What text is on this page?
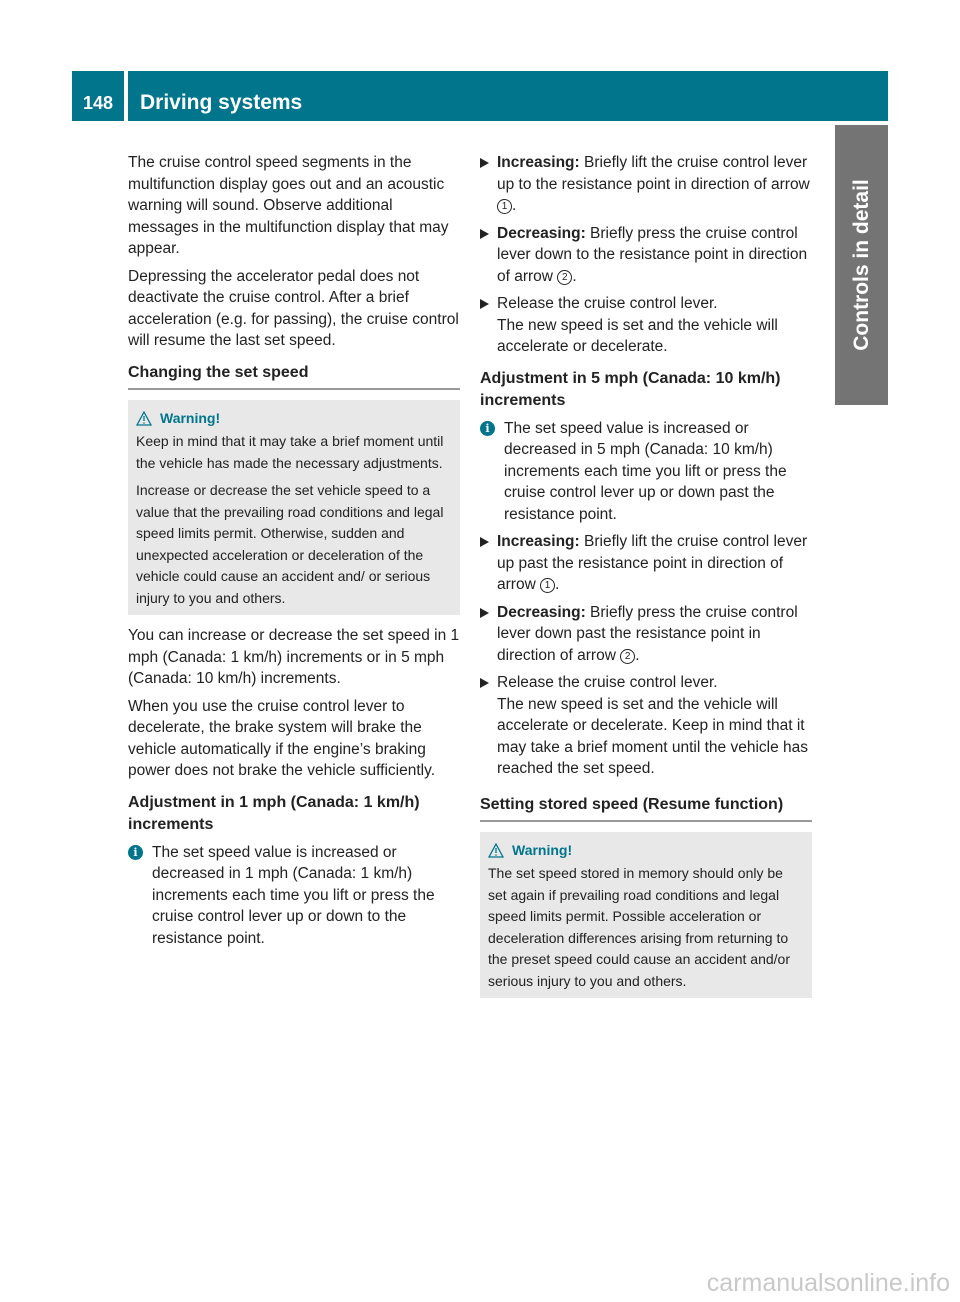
148	Driving systems
Controls in detail

The cruise control speed segments in the multifunction display goes out and an acoustic warning will sound. Observe additional messages in the multifunction display that may appear.

Depressing the accelerator pedal does not deactivate the cruise control. After a brief acceleration (e.g. for passing), the cruise control will resume the last set speed.

Changing the set speed
Warning!

Keep in mind that it may take a brief moment until the vehicle has made the necessary adjustments.

Increase or decrease the set vehicle speed to a value that the prevailing road conditions and legal speed limits permit. Otherwise, sudden and unexpected acceleration or deceleration of the vehicle could cause an accident and/ or serious injury to you and others.

You can increase or decrease the set speed in 1 mph (Canada: 1 km/h) increments or in 5 mph (Canada: 10 km/h) increments.

When you use the cruise control lever to decelerate, the brake system will brake the vehicle automatically if the engine’s braking power does not brake the vehicle sufficiently.

Adjustment in 1 mph (Canada: 1 km/h) increments
i The set speed value is increased or decreased in 1 mph (Canada: 1 km/h) increments each time you lift or press the cruise control lever up or down to the resistance point.
Increasing: Briefly lift the cruise control lever up to the resistance point in direction of arrow 1 .
Decreasing: Briefly press the cruise control lever down to the resistance point in direction of arrow 2 .
Release the cruise control lever.
The new speed is set and the vehicle will accelerate or decelerate.
Adjustment in 5 mph (Canada: 10 km/h) increments
i The set speed value is increased or decreased in 5 mph (Canada: 10 km/h) increments each time you lift or press the cruise control lever up or down past the resistance point.
Increasing: Briefly lift the cruise control lever up past the resistance point in direction of arrow 1 .
Decreasing: Briefly press the cruise control lever down past the resistance point in direction of arrow 2 .
Release the cruise control lever.
The new speed is set and the vehicle will accelerate or decelerate. Keep in mind that it may take a brief moment until the vehicle has reached the set speed.
Setting stored speed (Resume function)
Warning!

The set speed stored in memory should only be set again if prevailing road conditions and legal speed limits permit. Possible acceleration or deceleration differences arising from returning to the preset speed could cause an accident and/or serious injury to you and others.

carmanualsonline.info
